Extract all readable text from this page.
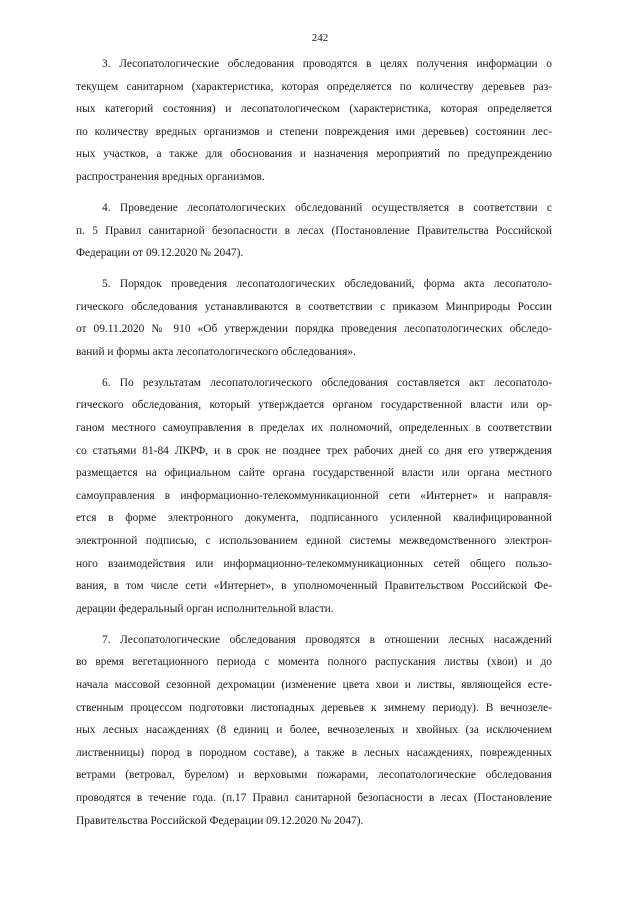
242
3. Лесопатологические обследования проводятся в целях получения информации о
текущем санитарном (характеристика, которая определяется по количеству деревьев раз-
ных категорий состояния) и лесопатологическом (характеристика, которая определяется
по количеству вредных организмов и степени повреждения ими деревьев) состоянии лес-
ных участков, а также для обоснования и назначения мероприятий по предупреждению
распространения вредных организмов.
4. Проведение лесопатологических обследований осуществляется в соответствии с
п. 5 Правил санитарной безопасности в лесах (Постановление Правительства Российской
Федерации от 09.12.2020 № 2047).
5. Порядок проведения лесопатологических обследований, форма акта лесопатоло-
гического обследования устанавливаются в соответствии с приказом Минприроды России
от 09.11.2020 № 910 «Об утверждении порядка проведения лесопатологических обследо-
ваний и формы акта лесопатологического обследования».
6. По результатам лесопатологического обследования составляется акт лесопатоло-
гического обследования, который утверждается органом государственной власти или ор-
ганом местного самоуправления в пределах их полномочий, определенных в соответствии
со статьями 81-84 ЛКРФ, и в срок не позднее трех рабочих дней со дня его утверждения
размещается на официальном сайте органа государственной власти или органа местного
самоуправления в информационно-телекоммуникационной сети «Интернет» и направля-
ется в форме электронного документа, подписанного усиленной квалифицированной
электронной подписью, с использованием единой системы межведомственного электрон-
ного взаимодействия или информационно-телекоммуникационных сетей общего пользо-
вания, в том числе сети «Интернет», в уполномоченный Правительством Российской Фе-
дерации федеральный орган исполнительной власти.
7. Лесопатологические обследования проводятся в отношении лесных насаждений
во время вегетационного периода с момента полного распускания листвы (хвои) и до
начала массовой сезонной дехромации (изменение цвета хвои и листвы, являющейся есте-
ственным процессом подготовки листопадных деревьев к зимнему периоду). В вечнозеле-
ных лесных насаждениях (8 единиц и более, вечнозеленых и хвойных (за исключением
лиственницы) пород в породном составе), а также в лесных насаждениях, поврежденных
ветрами (ветровал, бурелом) и верховыми пожарами, лесопатологические обследования
проводятся в течение года. (п.17 Правил санитарной безопасности в лесах (Постановление
Правительства Российской Федерации 09.12.2020 № 2047).
